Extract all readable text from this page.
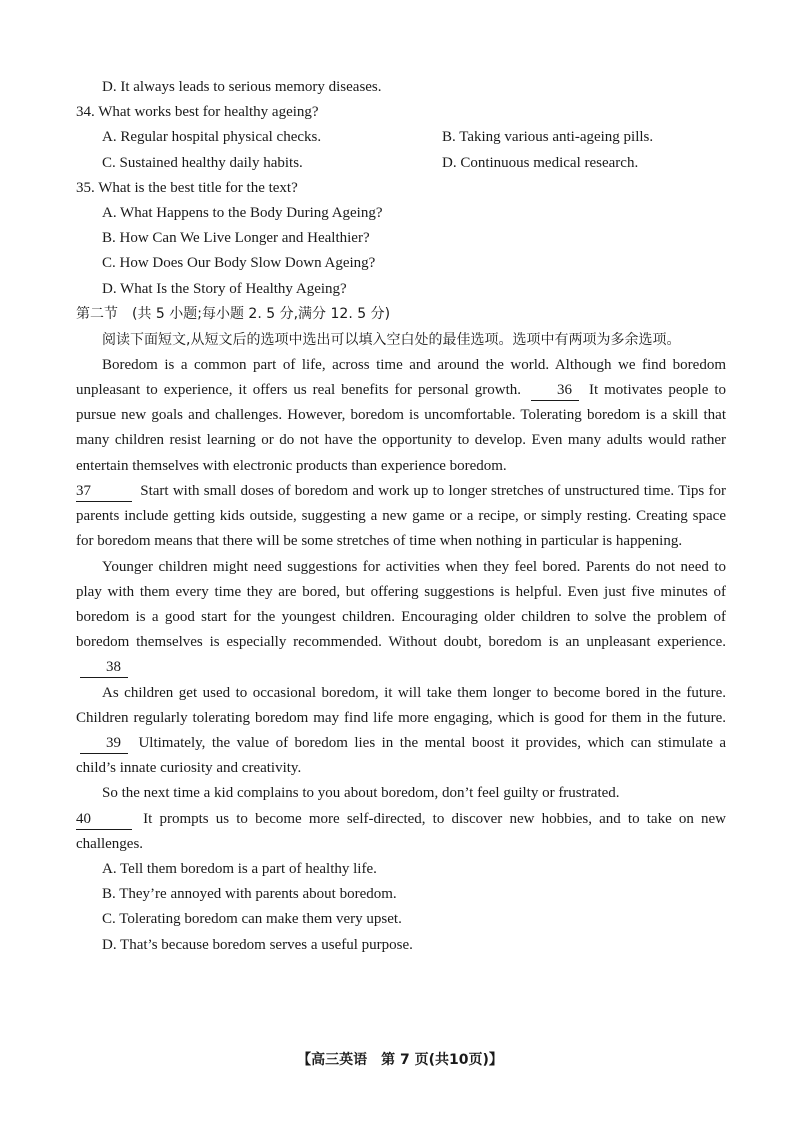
D. It always leads to serious memory diseases.
34. What works best for healthy ageing?
A. Regular hospital physical checks.	B. Taking various anti-ageing pills.
C. Sustained healthy daily habits.	D. Continuous medical research.
35. What is the best title for the text?
A. What Happens to the Body During Ageing?
B. How Can We Live Longer and Healthier?
C. How Does Our Body Slow Down Ageing?
D. What Is the Story of Healthy Ageing?
第二节　(共 5 小题;每小题 2. 5 分,满分 12. 5 分)

阅读下面短文,从短文后的选项中选出可以填入空白处的最佳选项。选项中有两项为多余选项。

Boredom is a common part of life, across time and around the world. Although we find boredom unpleasant to experience, it offers us real benefits for personal growth. 36 It motivates people to pursue new goals and challenges. However, boredom is uncomfortable. Tolerating boredom is a skill that many children resist learning or do not have the opportunity to develop. Even many adults would rather entertain themselves with electronic products than experience boredom.

37	Start with small doses of boredom and work up to longer stretches of unstructured time. Tips for parents include getting kids outside, suggesting a new game or a recipe, or simply resting. Creating space for boredom means that there will be some stretches of time when nothing in particular is happening.

Younger children might need suggestions for activities when they feel bored. Parents do not need to play with them every time they are bored, but offering suggestions is helpful. Even just five minutes of boredom is a good start for the youngest children. Encouraging older children to solve the problem of boredom themselves is especially recommended. Without doubt, boredom is an unpleasant experience. 38

As children get used to occasional boredom, it will take them longer to become bored in the future. Children regularly tolerating boredom may find life more engaging, which is good for them in the future. 39 Ultimately, the value of boredom lies in the mental boost it provides, which can stimulate a child’s innate curiosity and creativity.

So the next time a kid complains to you about boredom, don’t feel guilty or frustrated.

40	It prompts us to become more self-directed, to discover new hobbies, and to take on new challenges.

A. Tell them boredom is a part of healthy life.
B. They’re annoyed with parents about boredom.
C. Tolerating boredom can make them very upset.
D. That’s because boredom serves a useful purpose.
【高三英语　第 7 页(共10页)】
